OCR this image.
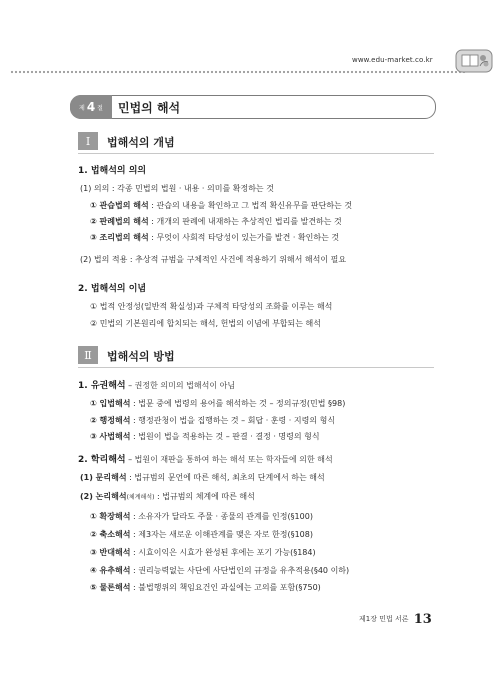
www.edu-market.co.kr
제 4 절 민법의 해석
Ⅰ	법해석의 개념
1. 법해석의 의의
(1) 의의 : 각종 민법의 법원 · 내용 · 의미를 확정하는 것
① 관습법의 해석 : 관습의 내용을 확인하고 그 법적 확신유무를 판단하는 것
② 판례법의 해석 : 개개의 판례에 내재하는 추상적인 법리를 발견하는 것
③ 조리법의 해석 : 무엇이 사회적 타당성이 있는가를 발견 · 확인하는 것
(2) 법의 적용 : 추상적 규범을 구체적인 사건에 적용하기 위해서 해석이 필요
2. 법해석의 이념
① 법적 안정성(일반적 확실성)과 구체적 타당성의 조화를 이루는 해석
② 민법의 기본원리에 합치되는 해석, 헌법의 이념에 부합되는 해석
Ⅱ	법해석의 방법
1. 유권해석 – 권정한 의미의 법해석이 아님
① 입법해석 : 법문 중에 법령의 용어를 해석하는 것 – 정의규정(민법 §98)
② 행정해석 : 행정관청이 법을 집행하는 것 – 회답 · 훈령 · 지령의 형식
③ 사법해석 : 법원이 법을 적용하는 것 – 판결 · 결정 · 명령의 형식
2. 학리해석 – 법원이 재판을 통하여 하는 해석 또는 학자들에 의한 해석
(1) 문리해석 : 법규범의 문언에 따른 해석, 최초의 단계에서 하는 해석
(2) 논리해석(체계해석) : 법규범의 체계에 따른 해석
① 확장해석 : 소유자가 달라도 주물 · 종물의 관계를 인정(§100)
② 축소해석 : 제3자는 새로운 이해관계를 맺은 자로 한정(§108)
③ 반대해석 : 시효이익은 시효가 완성된 후에는 포기 가능(§184)
④ 유추해석 : 권리능력없는 사단에 사단법인의 규정을 유추적용(§40 이하)
⑤ 물론해석 : 불법행위의 책임요건인 과실에는 고의를 포함(§750)
제1장 민법 서론 13
